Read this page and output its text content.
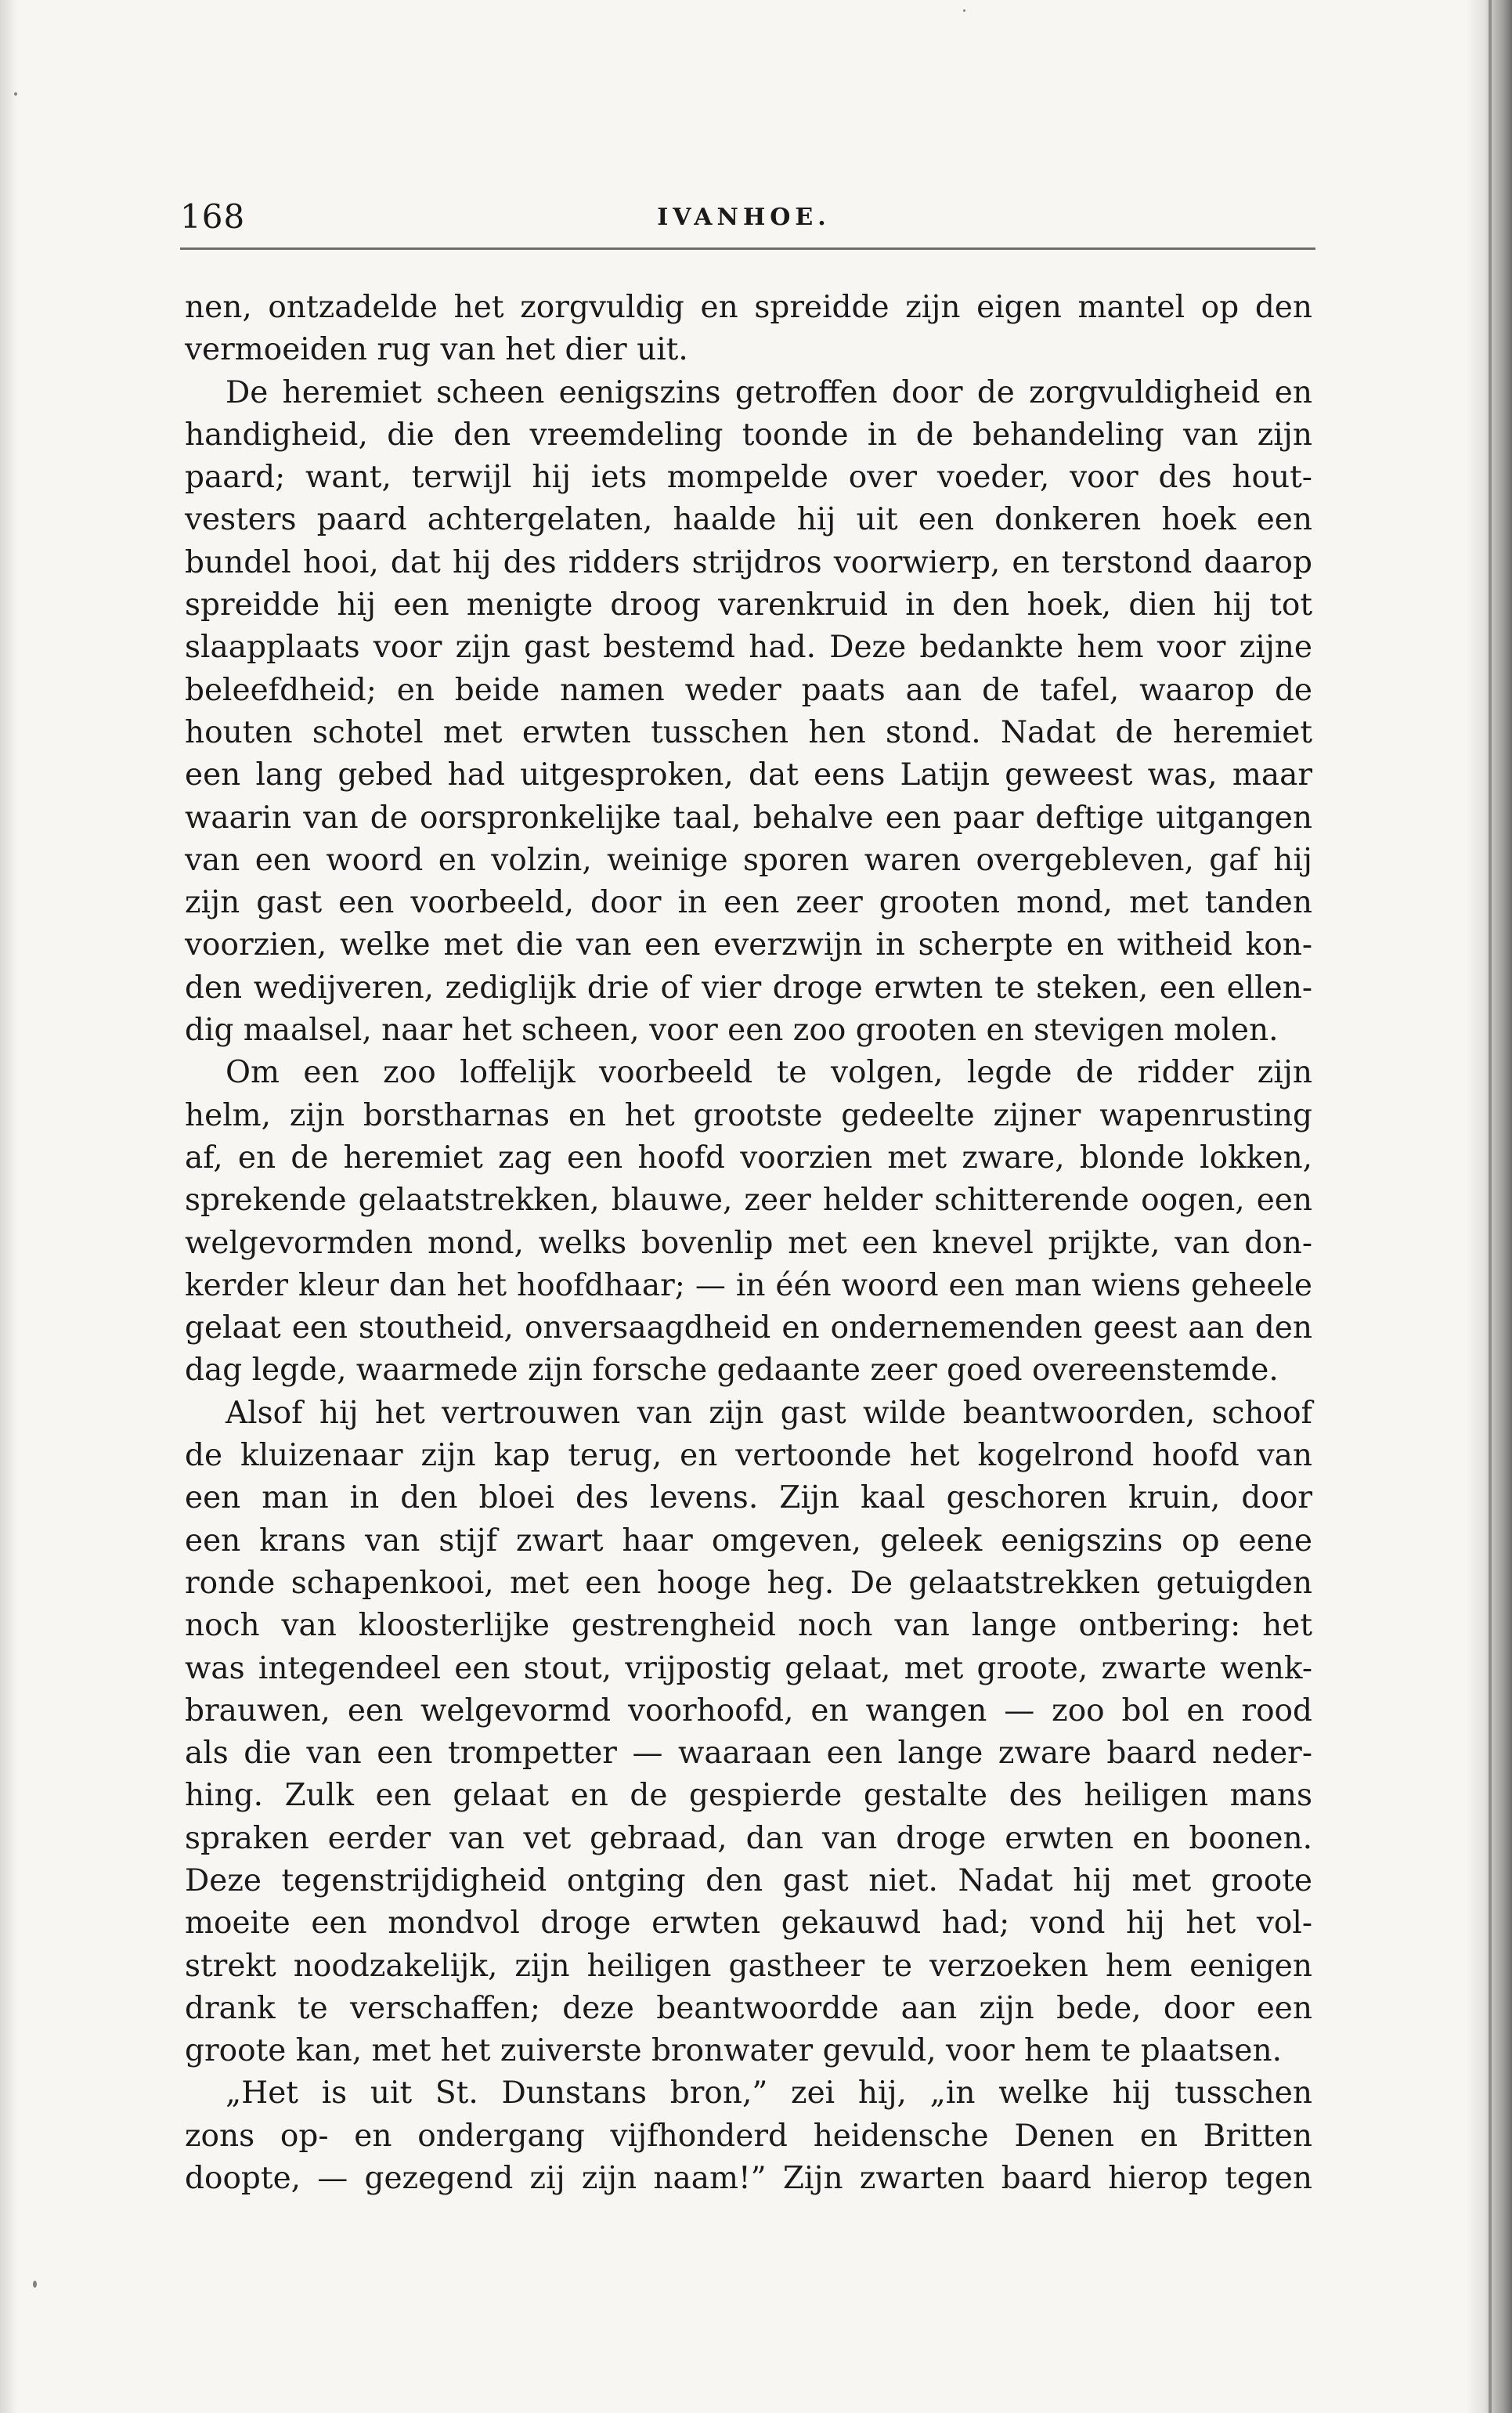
168	IVANHOE.
nen, ontzadelde het zorgvuldig en spreidde zijn eigen mantel op den
vermoeiden rug van het dier uit.
De heremiet scheen eenigszins getroffen door de zorgvuldigheid en
handigheid, die den vreemdeling toonde in de behandeling van zijn
paard; want, terwijl hij iets mompelde over voeder, voor des hout-
vesters paard achtergelaten, haalde hij uit een donkeren hoek een
bundel hooi, dat hij des ridders strijdros voorwierp, en terstond daarop
spreidde hij een menigte droog varenkruid in den hoek, dien hij tot
slaapplaats voor zijn gast bestemd had. Deze bedankte hem voor zijne
beleefdheid; en beide namen weder paats aan de tafel, waarop de
houten schotel met erwten tusschen hen stond. Nadat de heremiet
een lang gebed had uitgesproken, dat eens Latijn geweest was, maar
waarin van de oorspronkelijke taal, behalve een paar deftige uitgangen
van een woord en volzin, weinige sporen waren overgebleven, gaf hij
zijn gast een voorbeeld, door in een zeer grooten mond, met tanden
voorzien, welke met die van een everzwijn in scherpte en witheid kon-
den wedijveren, zediglijk drie of vier droge erwten te steken, een ellen-
dig maalsel, naar het scheen, voor een zoo grooten en stevigen molen.
Om een zoo loffelijk voorbeeld te volgen, legde de ridder zijn
helm, zijn borstharnas en het grootste gedeelte zijner wapenrusting
af, en de heremiet zag een hoofd voorzien met zware, blonde lokken,
sprekende gelaatstrekken, blauwe, zeer helder schitterende oogen, een
welgevormden mond, welks bovenlip met een knevel prijkte, van don-
kerder kleur dan het hoofdhaar; — in één woord een man wiens geheele
gelaat een stoutheid, onversaagdheid en ondernemenden geest aan den
dag legde, waarmede zijn forsche gedaante zeer goed overeenstemde.
Alsof hij het vertrouwen van zijn gast wilde beantwoorden, schoof
de kluizenaar zijn kap terug, en vertoonde het kogelrond hoofd van
een man in den bloei des levens. Zijn kaal geschoren kruin, door
een krans van stijf zwart haar omgeven, geleek eenigszins op eene
ronde schapenkooi, met een hooge heg. De gelaatstrekken getuigden
noch van kloosterlijke gestrengheid noch van lange ontbering: het
was integendeel een stout, vrijpostig gelaat, met groote, zwarte wenk-
brauwen, een welgevormd voorhoofd, en wangen — zoo bol en rood
als die van een trompetter — waaraan een lange zware baard neder-
hing. Zulk een gelaat en de gespierde gestalte des heiligen mans
spraken eerder van vet gebraad, dan van droge erwten en boonen.
Deze tegenstrijdigheid ontging den gast niet. Nadat hij met groote
moeite een mondvol droge erwten gekauwd had; vond hij het vol-
strekt noodzakelijk, zijn heiligen gastheer te verzoeken hem eenigen
drank te verschaffen; deze beantwoordde aan zijn bede, door een
groote kan, met het zuiverste bronwater gevuld, voor hem te plaatsen.
„Het is uit St. Dunstans bron,” zei hij, „in welke hij tusschen
zons op- en ondergang vijfhonderd heidensche Denen en Britten
doopte, — gezegend zij zijn naam!” Zijn zwarten baard hierop tegen
